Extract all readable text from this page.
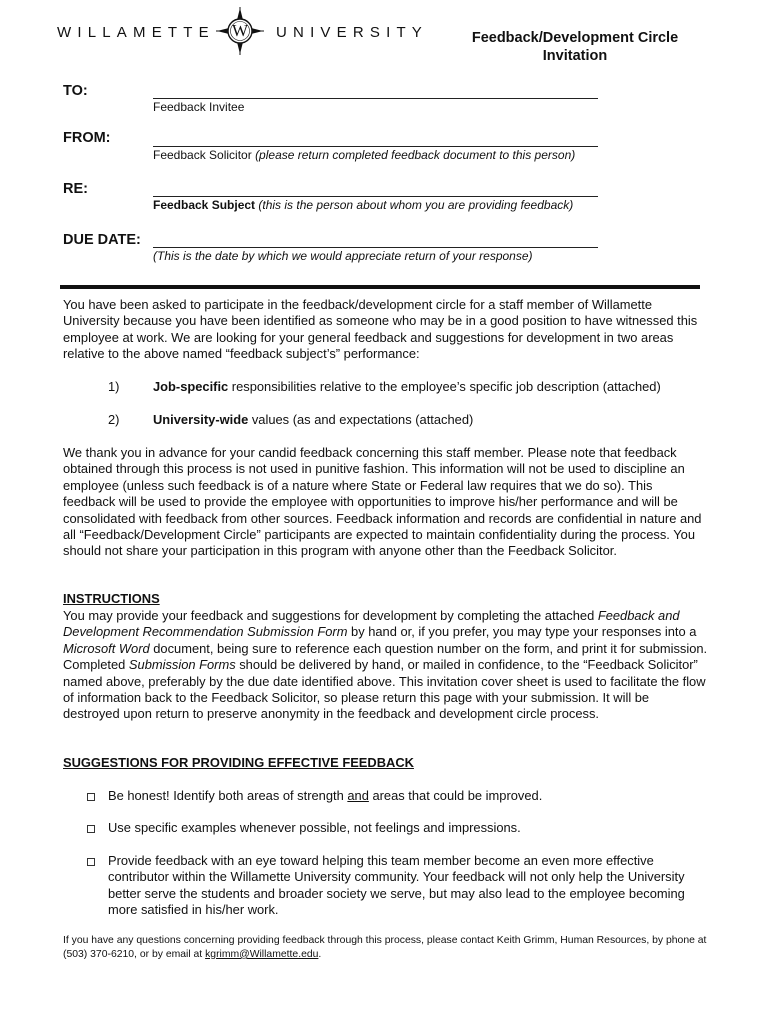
WILLAMETTE	W	UNIVERSITY	Feedback/Development Circle
Invitation
TO:
Feedback Invitee
FROM:
Feedback Solicitor (please return completed feedback document to this person)
RE:
Feedback Subject (this is the person about whom you are providing feedback)
DUE DATE:
(This is the date by which we would appreciate return of your response)
You have been asked to participate in the feedback/development circle for a staff member of Willamette University because you have been identified as someone who may be in a good position to have witnessed this employee at work. We are looking for your general feedback and suggestions for development in two areas relative to the above named “feedback subject’s” performance:
1)	Job-specific responsibilities relative to the employee’s specific job description (attached)
2)	University-wide values (as and expectations (attached)
We thank you in advance for your candid feedback concerning this staff member. Please note that feedback obtained through this process is not used in punitive fashion. This information will not be used to discipline an employee (unless such feedback is of a nature where State or Federal law requires that we do so). This feedback will be used to provide the employee with opportunities to improve his/her performance and will be consolidated with feedback from other sources. Feedback information and records are confidential in nature and all “Feedback/Development Circle” participants are expected to maintain confidentiality during the process. You should not share your participation in this program with anyone other than the Feedback Solicitor.
INSTRUCTIONS
You may provide your feedback and suggestions for development by completing the attached Feedback and Development Recommendation Submission Form by hand or, if you prefer, you may type your responses into a Microsoft Word document, being sure to reference each question number on the form, and print it for submission. Completed Submission Forms should be delivered by hand, or mailed in confidence, to the “Feedback Solicitor” named above, preferably by the due date identified above. This invitation cover sheet is used to facilitate the flow of information back to the Feedback Solicitor, so please return this page with your submission. It will be destroyed upon return to preserve anonymity in the feedback and development circle process.
SUGGESTIONS FOR PROVIDING EFFECTIVE FEEDBACK
Be honest! Identify both areas of strength and areas that could be improved.
Use specific examples whenever possible, not feelings and impressions.
Provide feedback with an eye toward helping this team member become an even more effective contributor within the Willamette University community. Your feedback will not only help the University better serve the students and broader society we serve, but may also lead to the employee becoming more satisfied in his/her work.
If you have any questions concerning providing feedback through this process, please contact Keith Grimm, Human Resources, by phone at (503) 370-6210, or by email at kgrimm@Willamette.edu.
